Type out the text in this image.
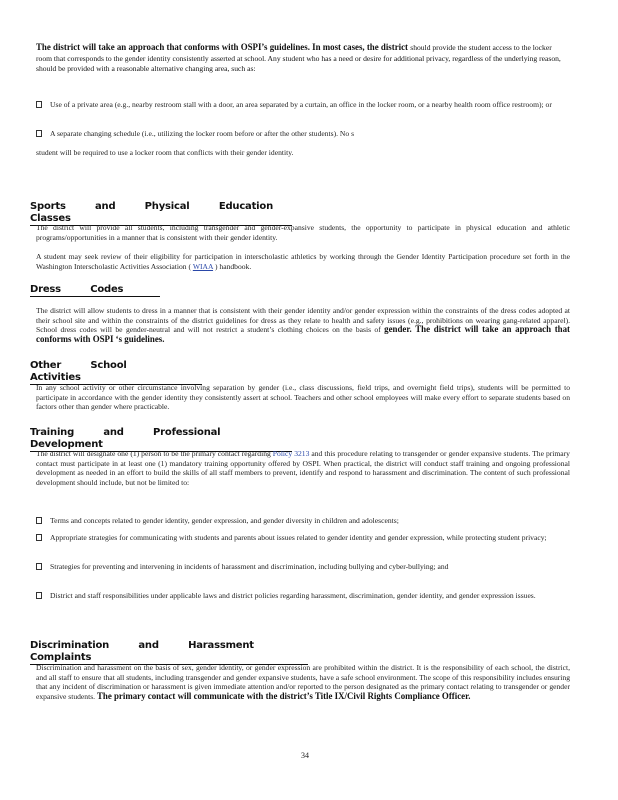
The district will take an approach that conforms with OSPI’s guidelines. In most cases, the district should provide the student access to the locker room that corresponds to the gender identity consistently asserted at school. Any student who has a need or desire for additional privacy, regardless of the underlying reason, should be provided with a reasonable alternative changing area, such as:
Use of a private area (e.g., nearby restroom stall with a door, an area separated by a curtain, an office in the locker room, or a nearby health room office restroom); or
A separate changing schedule (i.e., utilizing the locker room before or after the other students). No s
student will be required to use a locker room that conflicts with their gender identity.
Sports and Physical Education Classes
The district will provide all students, including transgender and gender-expansive students, the opportunity to participate in physical education and athletic programs/opportunities in a manner that is consistent with their gender identity.
A student may seek review of their eligibility for participation in interscholastic athletics by working through the Gender Identity Participation procedure set forth in the Washington Interscholastic Activities Association ( WIAA ) handbook.
Dress Codes
The district will allow students to dress in a manner that is consistent with their gender identity and/or gender expression within the constraints of the dress codes adopted at their school site and within the constraints of the district guidelines for dress as they relate to health and safety issues (e.g., prohibitions on wearing gang-related apparel). School dress codes will be gender-neutral and will not restrict a student’s clothing choices on the basis of gender. The district will take an approach that conforms with OSPI ‘s guidelines.
Other School Activities
In any school activity or other circumstance involving separation by gender (i.e., class discussions, field trips, and overnight field trips), students will be permitted to participate in accordance with the gender identity they consistently assert at school. Teachers and other school employees will make every effort to separate students based on factors other than gender where practicable.
Training and Professional Development
The district will designate one (1) person to be the primary contact regarding Policy 3213 and this procedure relating to transgender or gender expansive students. The primary contact must participate in at least one (1) mandatory training opportunity offered by OSPI. When practical, the district will conduct staff training and ongoing professional development as needed in an effort to build the skills of all staff members to prevent, identify and respond to harassment and discrimination. The content of such professional development should include, but not be limited to:
Terms and concepts related to gender identity, gender expression, and gender diversity in children and adolescents;
Appropriate strategies for communicating with students and parents about issues related to gender identity and gender expression, while protecting student privacy;
Strategies for preventing and intervening in incidents of harassment and discrimination, including bullying and cyber-bullying; and
District and staff responsibilities under applicable laws and district policies regarding harassment, discrimination, gender identity, and gender expression issues.
Discrimination and Harassment Complaints
Discrimination and harassment on the basis of sex, gender identity, or gender expression are prohibited within the district. It is the responsibility of each school, the district, and all staff to ensure that all students, including transgender and gender expansive students, have a safe school environment. The scope of this responsibility includes ensuring that any incident of discrimination or harassment is given immediate attention and/or reported to the person designated as the primary contact relating to transgender or gender expansive students. The primary contact will communicate with the district’s Title IX/Civil Rights Compliance Officer.
34
